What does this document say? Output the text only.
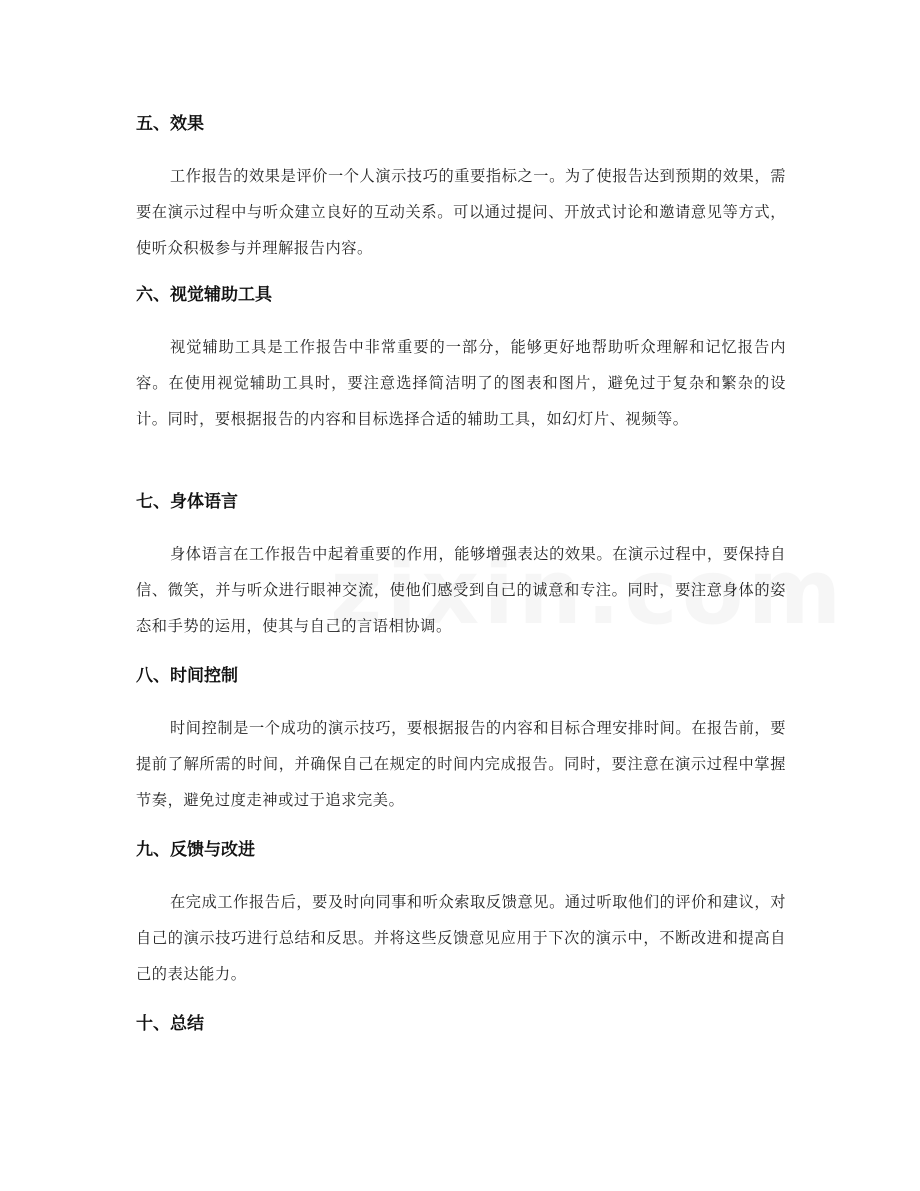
五、效果

工作报告的效果是评价一个人演示技巧的重要指标之一。为了使报告达到预期的效果，需要在演示过程中与听众建立良好的互动关系。可以通过提问、开放式讨论和邀请意见等方式，使听众积极参与并理解报告内容。

六、视觉辅助工具

视觉辅助工具是工作报告中非常重要的一部分，能够更好地帮助听众理解和记忆报告内容。在使用视觉辅助工具时，要注意选择简洁明了的图表和图片，避免过于复杂和繁杂的设计。同时，要根据报告的内容和目标选择合适的辅助工具，如幻灯片、视频等。

七、身体语言

身体语言在工作报告中起着重要的作用，能够增强表达的效果。在演示过程中，要保持自信、微笑，并与听众进行眼神交流，使他们感受到自己的诚意和专注。同时，要注意身体的姿态和手势的运用，使其与自己的言语相协调。

八、时间控制

时间控制是一个成功的演示技巧，要根据报告的内容和目标合理安排时间。在报告前，要提前了解所需的时间，并确保自己在规定的时间内完成报告。同时，要注意在演示过程中掌握节奏，避免过度走神或过于追求完美。

九、反馈与改进

在完成工作报告后，要及时向同事和听众索取反馈意见。通过听取他们的评价和建议，对自己的演示技巧进行总结和反思。并将这些反馈意见应用于下次的演示中，不断改进和提高自己的表达能力。

十、总结
